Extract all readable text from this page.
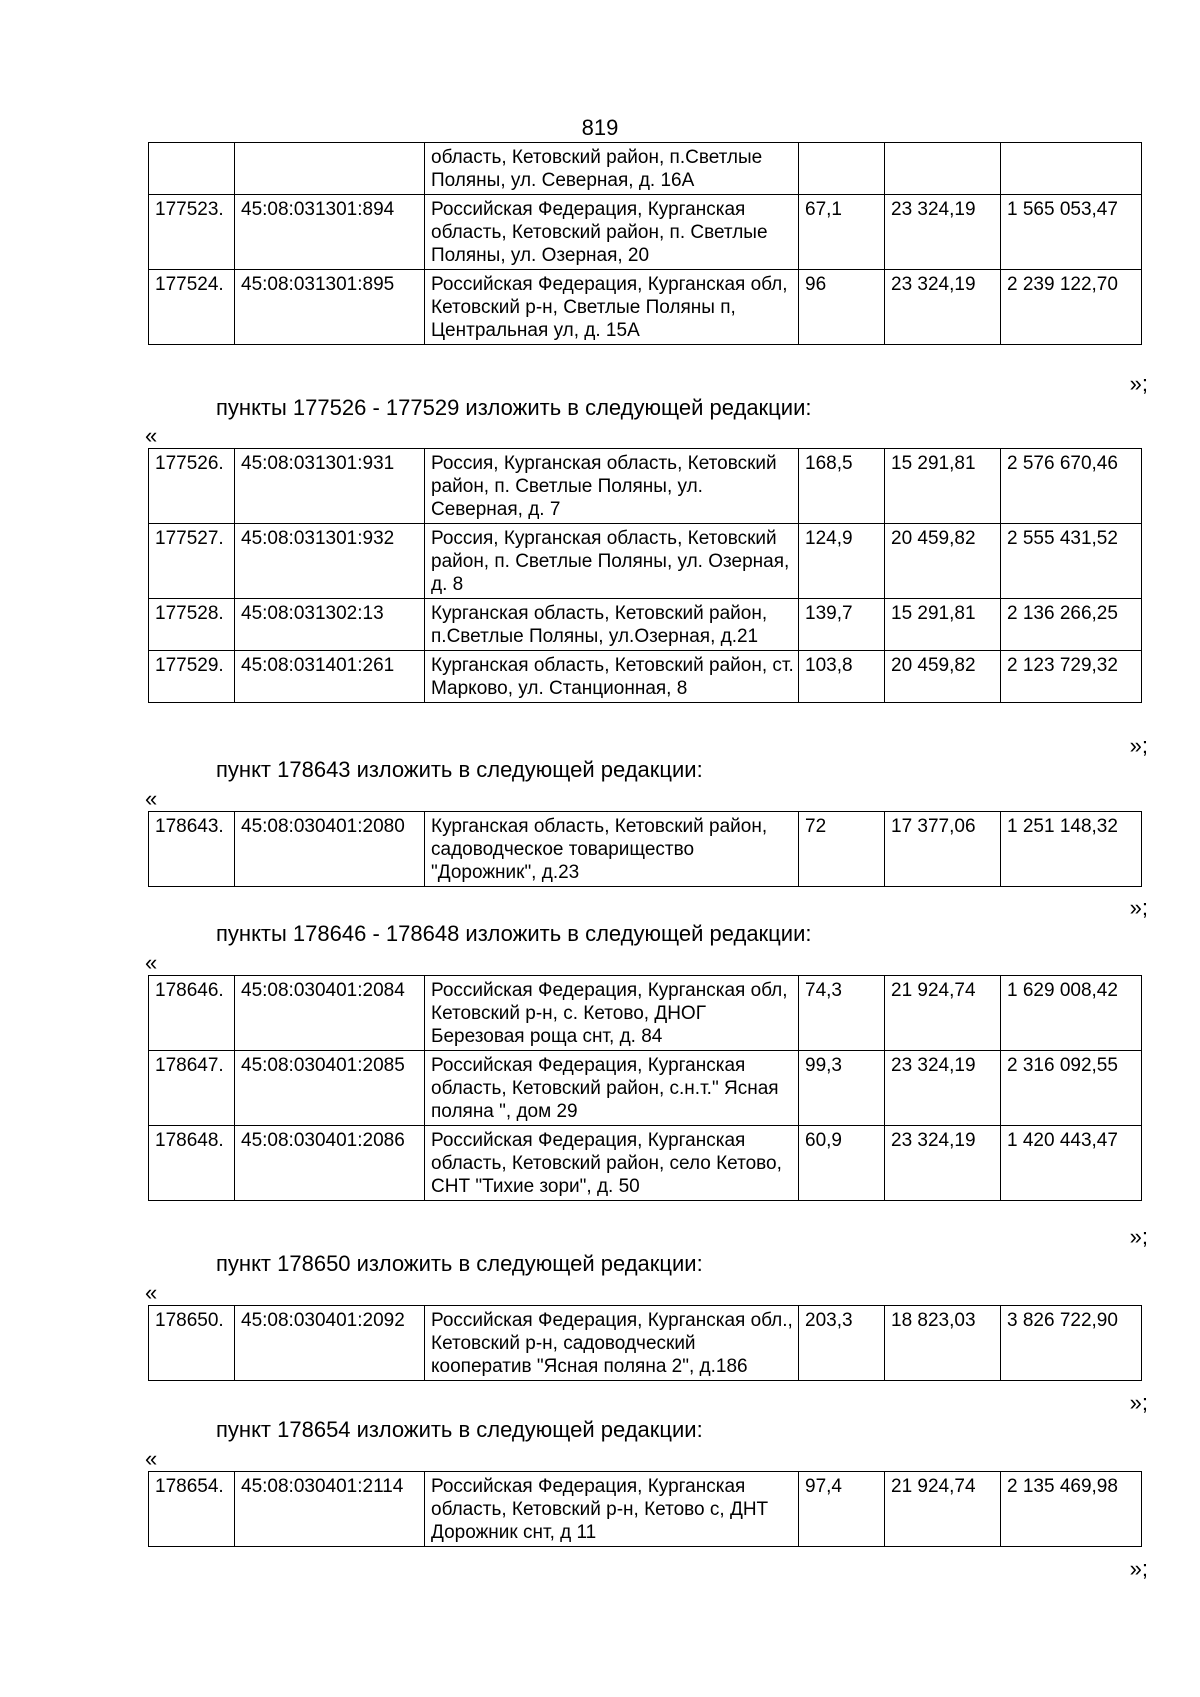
819
		область, Кетовский район, п.Светлые Поляны, ул. Северная, д. 16А			
177523.	45:08:031301:894	Российская Федерация, Курганская область, Кетовский район, п. Светлые Поляны, ул. Озерная, 20	67,1	23 324,19	1 565 053,47
177524.	45:08:031301:895	Российская Федерация, Курганская обл, Кетовский р-н, Светлые Поляны п, Центральная ул, д. 15А	96	23 324,19	2 239 122,70
»;
пункты 177526 - 177529 изложить в следующей редакции:
«
177526.	45:08:031301:931	Россия, Курганская область, Кетовский район, п. Светлые Поляны, ул. Северная, д. 7	168,5	15 291,81	2 576 670,46
177527.	45:08:031301:932	Россия, Курганская область, Кетовский район, п. Светлые Поляны, ул. Озерная, д. 8	124,9	20 459,82	2 555 431,52
177528.	45:08:031302:13	Курганская область, Кетовский район, п.Светлые Поляны, ул.Озерная, д.21	139,7	15 291,81	2 136 266,25
177529.	45:08:031401:261	Курганская область, Кетовский район, ст. Марково, ул. Станционная, 8	103,8	20 459,82	2 123 729,32
»;
пункт 178643 изложить в следующей редакции:
«
178643.	45:08:030401:2080	Курганская область, Кетовский район, садоводческое товарищество "Дорожник", д.23	72	17 377,06	1 251 148,32
»;
пункты 178646 - 178648 изложить в следующей редакции:
«
178646.	45:08:030401:2084	Российская Федерация, Курганская обл, Кетовский р-н, с. Кетово, ДНОГ Березовая роща снт, д. 84	74,3	21 924,74	1 629 008,42
178647.	45:08:030401:2085	Российская Федерация, Курганская область, Кетовский район, с.н.т." Ясная поляна ", дом 29	99,3	23 324,19	2 316 092,55
178648.	45:08:030401:2086	Российская Федерация, Курганская область, Кетовский район, село Кетово, СНТ "Тихие зори", д. 50	60,9	23 324,19	1 420 443,47
»;
пункт 178650 изложить в следующей редакции:
«
178650.	45:08:030401:2092	Российская Федерация, Курганская обл., Кетовский р-н, садоводческий кооператив "Ясная поляна 2", д.186	203,3	18 823,03	3 826 722,90
»;
пункт 178654 изложить в следующей редакции:
«
178654.	45:08:030401:2114	Российская Федерация, Курганская область, Кетовский р-н, Кетово с, ДНТ Дорожник снт, д 11	97,4	21 924,74	2 135 469,98
»;
